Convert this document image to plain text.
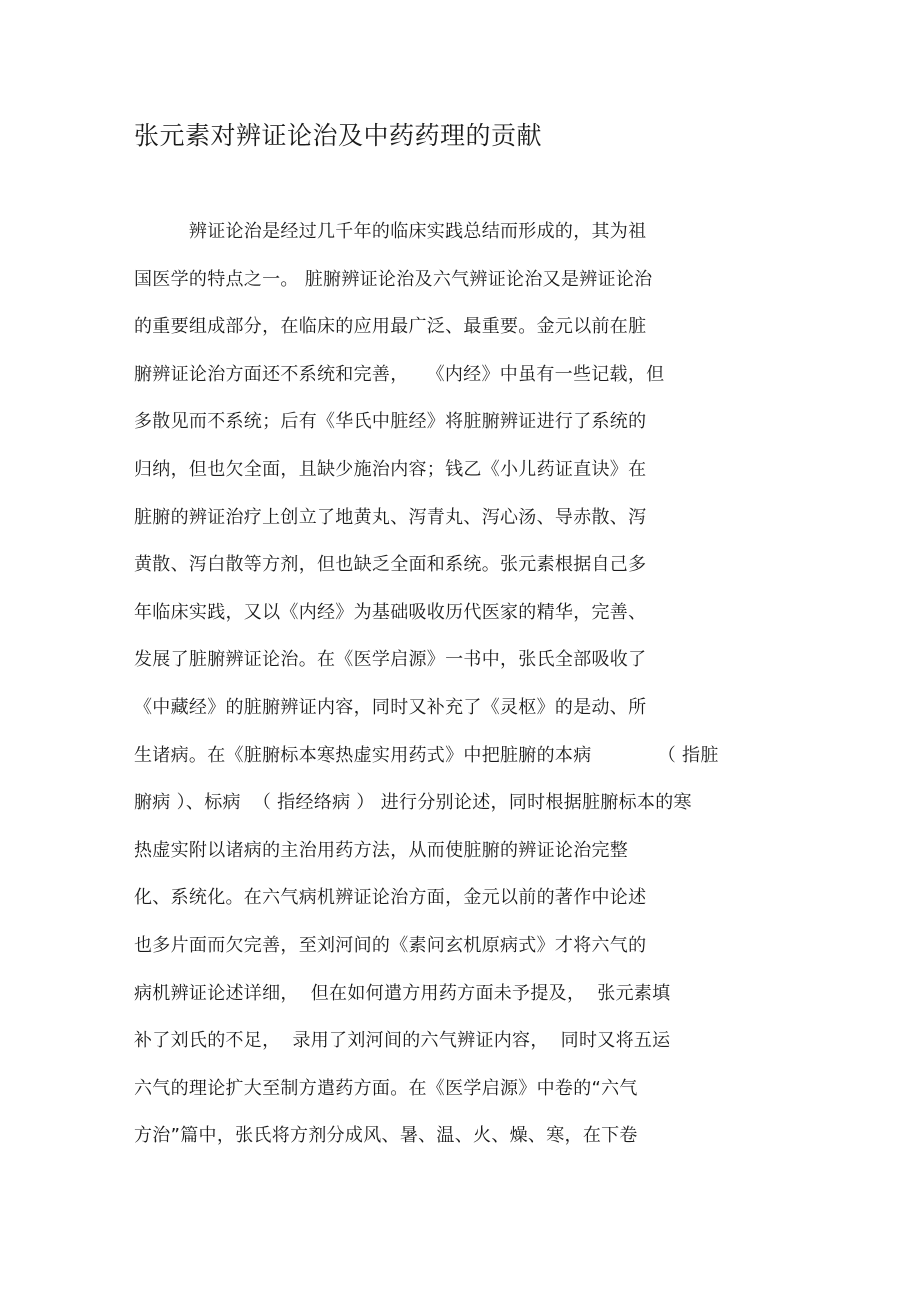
张元素对辨证论治及中药药理的贡献
　　　辨证论治是经过几千年的临床实践总结而形成的，其为祖
国医学的特点之一。 脏腑辨证论治及六气辨证论治又是辨证论治
的重要组成部分，在临床的应用最广泛、最重要。金元以前在脏
腑辨证论治方面还不系统和完善，   《内经》中虽有一些记载，但
多散见而不系统；后有《华氏中脏经》将脏腑辨证进行了系统的
归纳，但也欠全面，且缺少施治内容；钱乙《小儿药证直诀》在
脏腑的辨证治疗上创立了地黄丸、泻青丸、泻心汤、导赤散、泻
黄散、泻白散等方剂，但也缺乏全面和系统。张元素根据自己多
年临床实践，又以《内经》为基础吸收历代医家的精华，完善、
发展了脏腑辨证论治。在《医学启源》一书中，张氏全部吸收了
《中藏经》的脏腑辨证内容，同时又补充了《灵枢》的是动、所
生诸病。在《脏腑标本寒热虚实用药式》中把脏腑的本病           （ 指脏
腑病 ）、标病  （ 指经络病 ） 进行分别论述，同时根据脏腑标本的寒
热虚实附以诸病的主治用药方法，从而使脏腑的辨证论治完整
化、系统化。在六气病机辨证论治方面，金元以前的著作中论述
也多片面而欠完善，至刘河间的《素问玄机原病式》才将六气的
病机辨证论述详细，  但在如何遣方用药方面未予提及，  张元素填
补了刘氏的不足，  录用了刘河间的六气辨证内容，  同时又将五运
六气的理论扩大至制方遣药方面。在《医学启源》中卷的“六气
方治”篇中，张氏将方剂分成风、暑、温、火、燥、寒，在下卷
